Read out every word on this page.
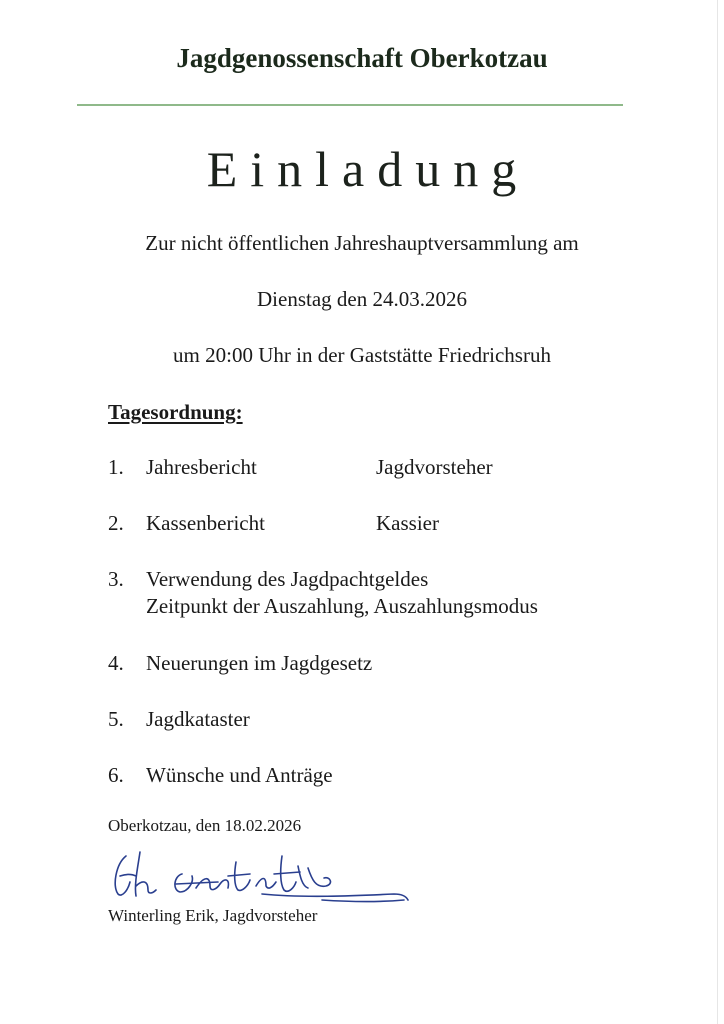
Jagdgenossenschaft Oberkotzau
Einladung
Zur nicht öffentlichen Jahreshauptversammlung am
Dienstag den 24.03.2026
um 20:00 Uhr in der Gaststätte Friedrichsruh
Tagesordnung:
1.	Jahresbericht	Jagdvorsteher
2.	Kassenbericht	Kassier
3.	Verwendung des Jagdpachtgeldes
Zeitpunkt der Auszahlung, Auszahlungsmodus
4.	Neuerungen im Jagdgesetz
5.	Jagdkataster
6.	Wünsche und Anträge
Oberkotzau, den 18.02.2026
Winterling Erik, Jagdvorsteher
